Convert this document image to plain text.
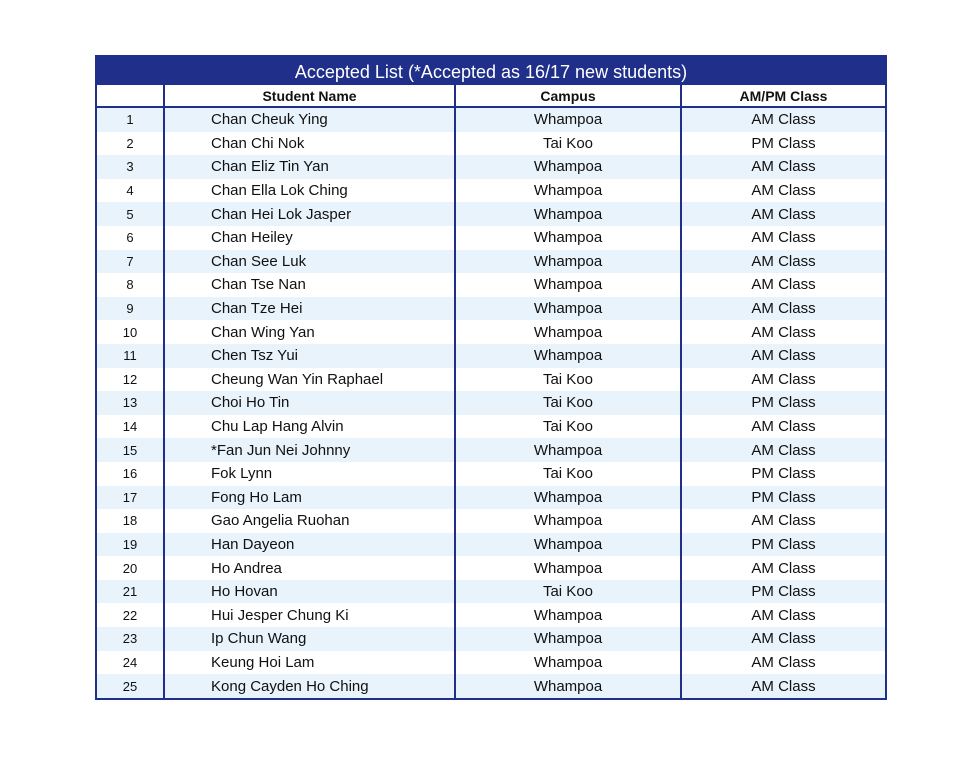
Accepted List (*Accepted as 16/17 new students)
	Student Name	Campus	AM/PM Class
1	Chan Cheuk Ying	Whampoa	AM Class
2	Chan Chi Nok	Tai Koo	PM Class
3	Chan Eliz Tin Yan	Whampoa	AM Class
4	Chan Ella Lok Ching	Whampoa	AM Class
5	Chan Hei Lok Jasper	Whampoa	AM Class
6	Chan Heiley	Whampoa	AM Class
7	Chan See Luk	Whampoa	AM Class
8	Chan Tse Nan	Whampoa	AM Class
9	Chan Tze Hei	Whampoa	AM Class
10	Chan Wing Yan	Whampoa	AM Class
11	Chen Tsz Yui	Whampoa	AM Class
12	Cheung Wan Yin Raphael	Tai Koo	AM Class
13	Choi Ho Tin	Tai Koo	PM Class
14	Chu Lap Hang Alvin	Tai Koo	AM Class
15	*Fan Jun Nei Johnny	Whampoa	AM Class
16	Fok Lynn	Tai Koo	PM Class
17	Fong Ho Lam	Whampoa	PM Class
18	Gao Angelia Ruohan	Whampoa	AM Class
19	Han Dayeon	Whampoa	PM Class
20	Ho Andrea	Whampoa	AM Class
21	Ho Hovan	Tai Koo	PM Class
22	Hui Jesper Chung Ki	Whampoa	AM Class
23	Ip Chun Wang	Whampoa	AM Class
24	Keung Hoi Lam	Whampoa	AM Class
25	Kong Cayden Ho Ching	Whampoa	AM Class
